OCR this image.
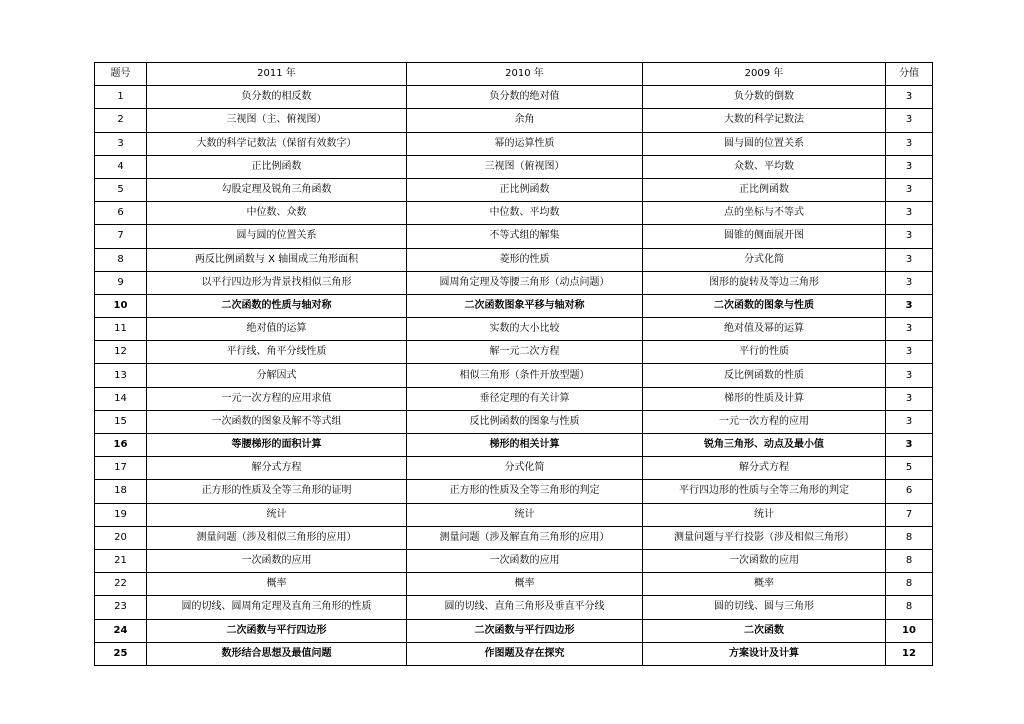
题号	2011 年	2010 年	2009 年	分值
1	负分数的相反数	负分数的绝对值	负分数的倒数	3
2	三视图（主、俯视图）	余角	大数的科学记数法	3
3	大数的科学记数法（保留有效数字）	幂的运算性质	圆与圆的位置关系	3
4	正比例函数	三视图（俯视图）	众数、平均数	3
5	勾股定理及锐角三角函数	正比例函数	正比例函数	3
6	中位数、众数	中位数、平均数	点的坐标与不等式	3
7	圆与圆的位置关系	不等式组的解集	圆锥的侧面展开图	3
8	两反比例函数与 X 轴围成三角形面积	菱形的性质	分式化简	3
9	以平行四边形为背景找相似三角形	圆周角定理及等腰三角形（动点问题）	图形的旋转及等边三角形	3
10	二次函数的性质与轴对称	二次函数图象平移与轴对称	二次函数的图象与性质	3
11	绝对值的运算	实数的大小比较	绝对值及幂的运算	3
12	平行线、角平分线性质	解一元二次方程	平行的性质	3
13	分解因式	相似三角形（条件开放型题）	反比例函数的性质	3
14	一元一次方程的应用求值	垂径定理的有关计算	梯形的性质及计算	3
15	一次函数的图象及解不等式组	反比例函数的图象与性质	一元一次方程的应用	3
16	等腰梯形的面积计算	梯形的相关计算	锐角三角形、动点及最小值	3
17	解分式方程	分式化简	解分式方程	5
18	正方形的性质及全等三角形的证明	正方形的性质及全等三角形的判定	平行四边形的性质与全等三角形的判定	6
19	统计	统计	统计	7
20	测量问题（涉及相似三角形的应用）	测量问题（涉及解直角三角形的应用）	测量问题与平行投影（涉及相似三角形）	8
21	一次函数的应用	一次函数的应用	一次函数的应用	8
22	概率	概率	概率	8
23	圆的切线、圆周角定理及直角三角形的性质	圆的切线、直角三角形及垂直平分线	圆的切线、圆与三角形	8
24	二次函数与平行四边形	二次函数与平行四边形	二次函数	10
25	数形结合思想及最值问题	作图题及存在探究	方案设计及计算	12
